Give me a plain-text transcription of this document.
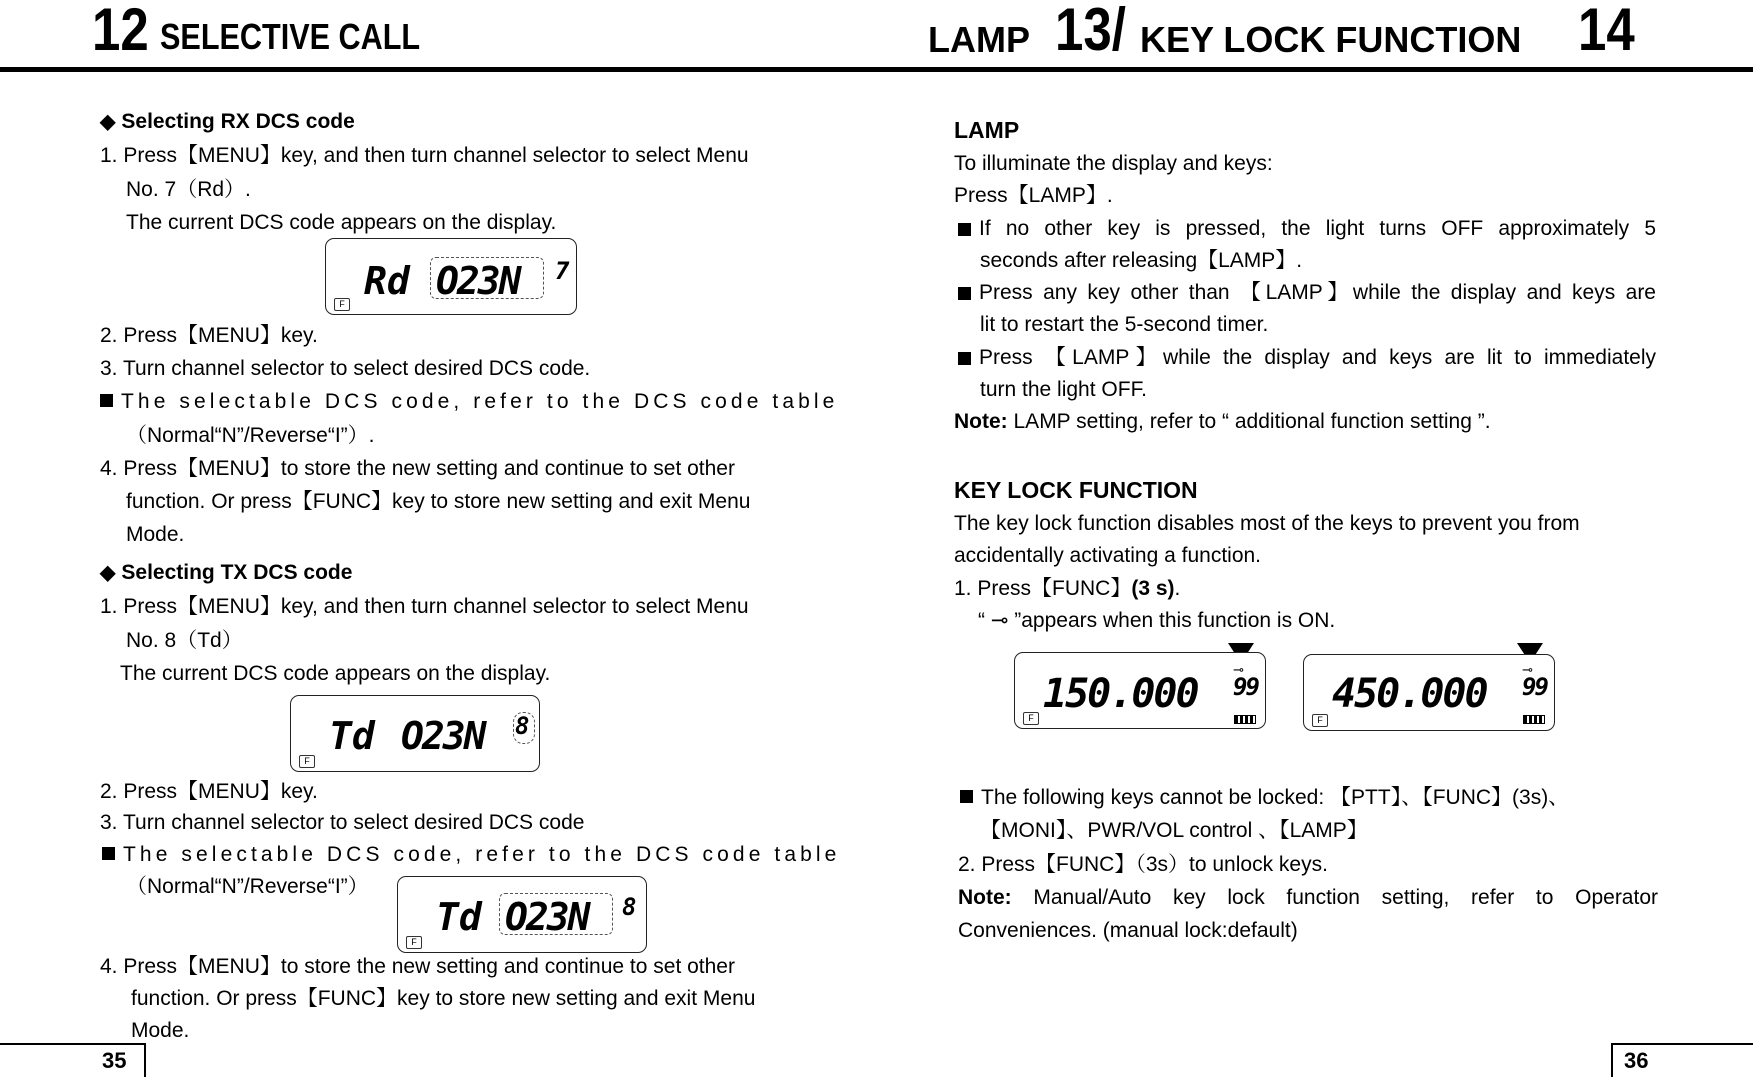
12 SELECTIVE CALL	LAMP 13/ KEY LOCK FUNCTION 14
◆ Selecting RX DCS code
1. Press【MENU】key, and then turn channel selector to select Menu
No. 7（Rd）.
The current DCS code appears on the display.
F
Rd O23N 7
2. Press【MENU】key.
3. Turn channel selector to select desired DCS code.
The selectable DCS code, refer to the DCS code table
（Normal“N”/Reverse“I”）.
4. Press【MENU】to store the new setting and continue to set other
function. Or press【FUNC】key to store new setting and exit Menu
Mode.
◆ Selecting TX DCS code
1. Press【MENU】key, and then turn channel selector to select Menu
No. 8（Td）
The current DCS code appears on the display.
F
Td O23N 8
2. Press【MENU】key.
3. Turn channel selector to select desired DCS code
The selectable DCS code, refer to the DCS code table
（Normal“N”/Reverse“I”）
F
Td O23N 8
4. Press【MENU】to store the new setting and continue to set other
function. Or press【FUNC】key to store new setting and exit Menu
Mode.
35
LAMP
To illuminate the display and keys:
Press【LAMP】.
If no other key is pressed, the light turns OFF approximately 5
seconds after releasing【LAMP】.
Press any key other than 【LAMP】while the display and keys are
lit to restart the 5-second timer.
Press 【LAMP】while the display and keys are lit to immediately
turn the light OFF.
Note: LAMP setting, refer to “ additional function setting ”.
KEY LOCK FUNCTION
The key lock function disables most of the keys to prevent you from
accidentally activating a function.
1. Press【FUNC】(3 s).
“ ⊸ ”appears when this function is ON.
F
150.000
⊸
99
F
450.000
⊸
99
The following keys cannot be locked: 【PTT】、【FUNC】(3s)、
【MONI】、PWR/VOL control 、【LAMP】
2. Press【FUNC】（3s）to unlock keys.
Note: Manual/Auto key lock function setting, refer to Operator
Conveniences. (manual lock:default)
36
